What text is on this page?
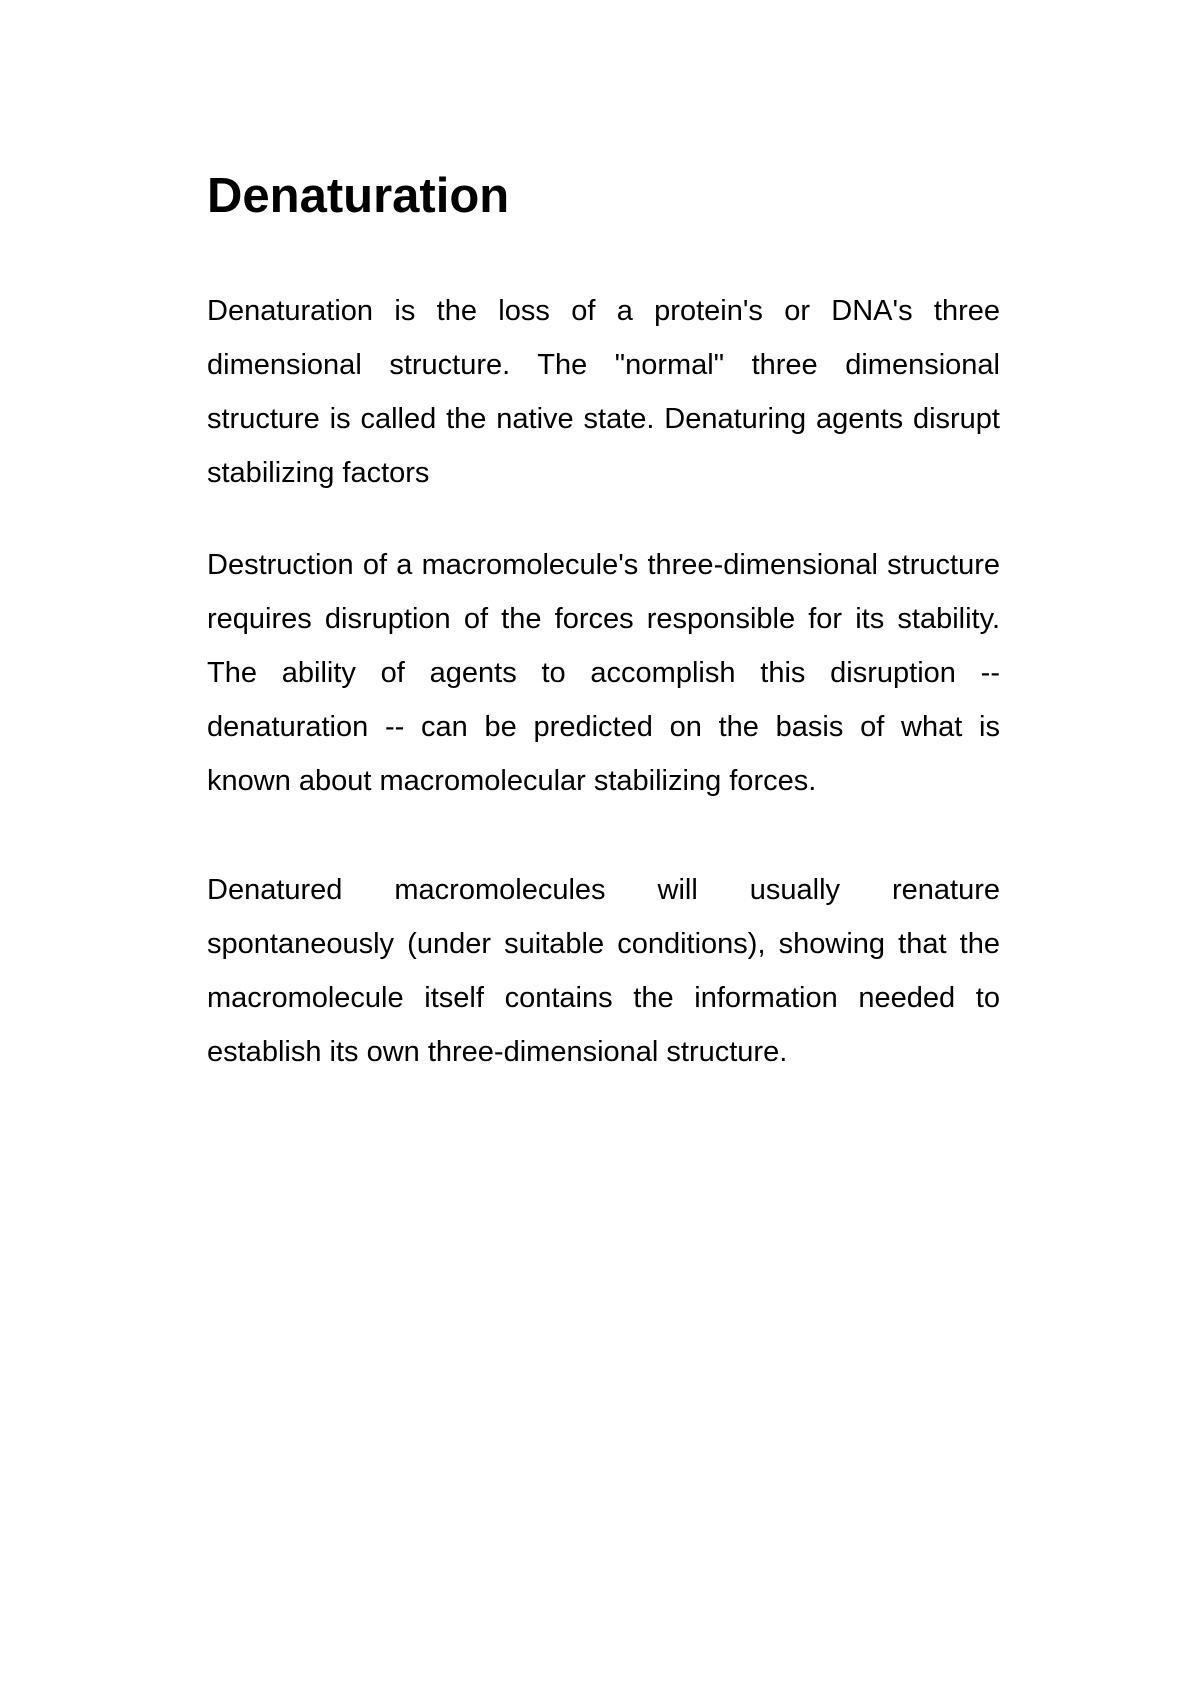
Denaturation

Denaturation is the loss of a protein's or DNA's three dimensional structure. The "normal" three dimensional structure is called the native state. Denaturing agents disrupt stabilizing factors

Destruction of a macromolecule's three-dimensional structure requires disruption of the forces responsible for its stability. The ability of agents to accomplish this disruption -- denaturation -- can be predicted on the basis of what is known about macromolecular stabilizing forces.

Denatured macromolecules will usually renature spontaneously (under suitable conditions), showing that the macromolecule itself contains the information needed to establish its own three-dimensional structure.
